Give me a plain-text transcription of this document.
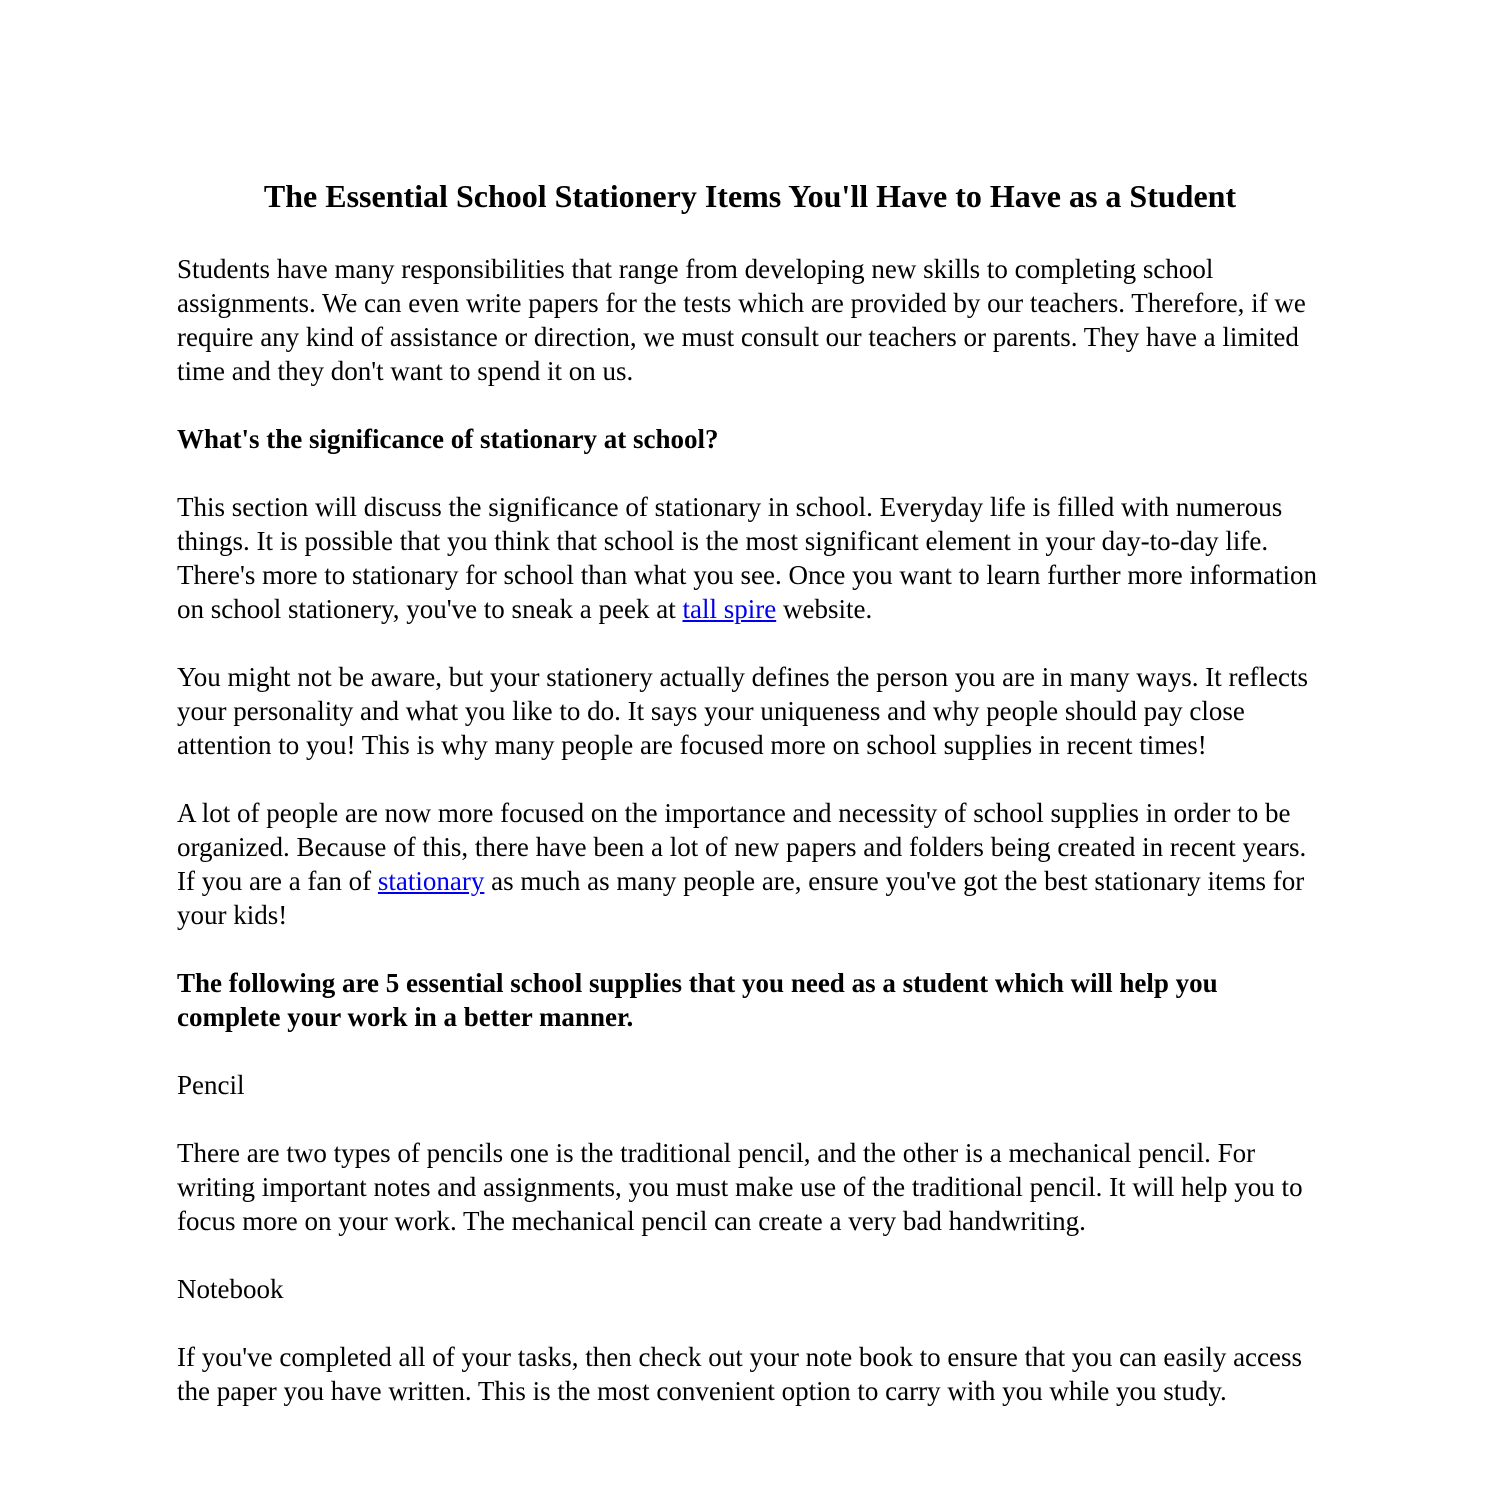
The Essential School Stationery Items You'll Have to Have as a Student

Students have many responsibilities that range from developing new skills to completing school assignments. We can even write papers for the tests which are provided by our teachers. Therefore, if we require any kind of assistance or direction, we must consult our teachers or parents. They have a limited time and they don't want to spend it on us.

What's the significance of stationary at school?

This section will discuss the significance of stationary in school. Everyday life is filled with numerous things. It is possible that you think that school is the most significant element in your day-to-day life. There's more to stationary for school than what you see. Once you want to learn further more information on school stationery, you've to sneak a peek at tall spire website.

You might not be aware, but your stationery actually defines the person you are in many ways. It reflects your personality and what you like to do. It says your uniqueness and why people should pay close attention to you! This is why many people are focused more on school supplies in recent times!

A lot of people are now more focused on the importance and necessity of school supplies in order to be organized. Because of this, there have been a lot of new papers and folders being created in recent years. If you are a fan of stationary as much as many people are, ensure you've got the best stationary items for your kids!

The following are 5 essential school supplies that you need as a student which will help you complete your work in a better manner.

Pencil

There are two types of pencils one is the traditional pencil, and the other is a mechanical pencil. For writing important notes and assignments, you must make use of the traditional pencil. It will help you to focus more on your work. The mechanical pencil can create a very bad handwriting.

Notebook

If you've completed all of your tasks, then check out your note book to ensure that you can easily access the paper you have written. This is the most convenient option to carry with you while you study.
